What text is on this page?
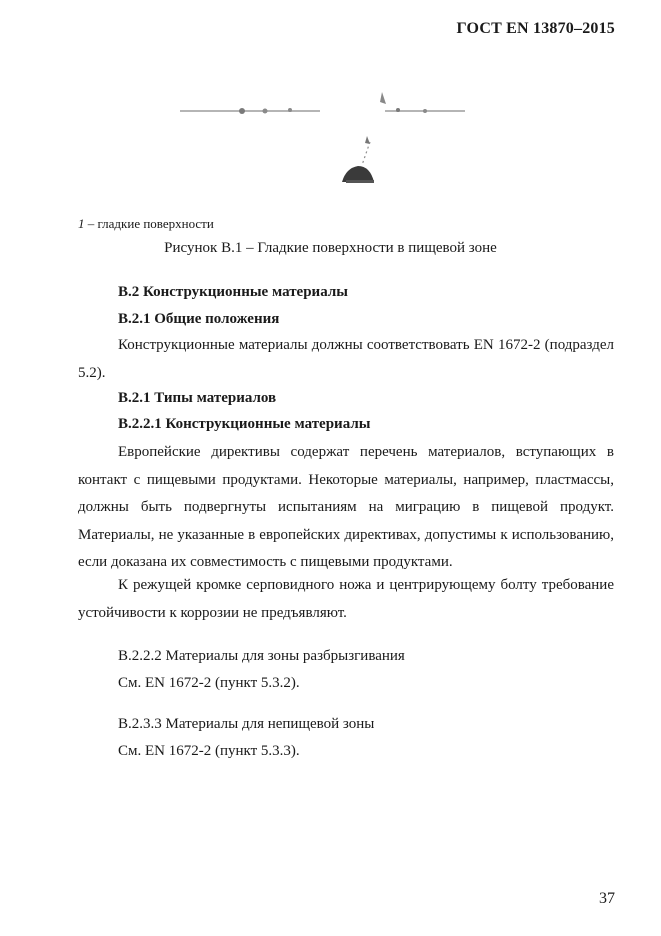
ГОСТ EN 13870–2015
1 – гладкие поверхности
Рисунок B.1 – Гладкие поверхности в пищевой зоне
B.2 Конструкционные материалы
B.2.1 Общие положения
Конструкционные материалы должны соответствовать EN 1672-2 (подраздел 5.2).
B.2.1 Типы материалов
B.2.2.1 Конструкционные материалы
Европейские директивы содержат перечень материалов, вступающих в контакт с пищевыми продуктами. Некоторые материалы, например, пластмассы, должны быть подвергнуты испытаниям на миграцию в пищевой продукт. Материалы, не указанные в европейских директивах, допустимы к использованию, если доказана их совместимость с пищевыми продуктами.
К режущей кромке серповидного ножа и центрирующему болту требование устойчивости к коррозии не предъявляют.
B.2.2.2 Материалы для зоны разбрызгивания
См. EN 1672-2 (пункт 5.3.2).
B.2.3.3 Материалы для непищевой зоны
См. EN 1672-2 (пункт 5.3.3).
37
